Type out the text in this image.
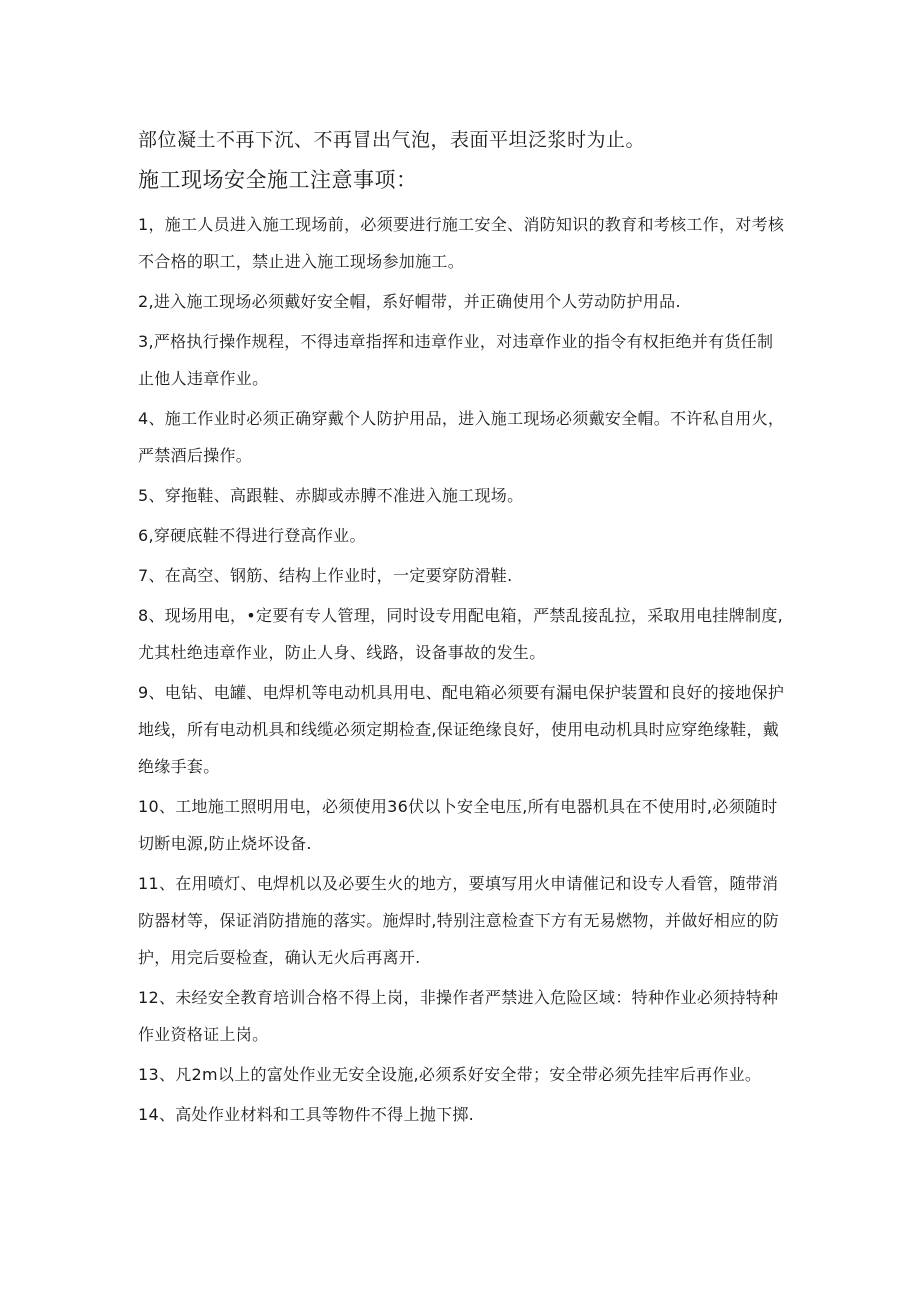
部位凝土不再下沉、不再冒出气泡，表面平坦泛浆时为止。

施工现场安全施工注意事项：

1，施工人员进入施工现场前，必须要进行施工安全、消防知识的教育和考核工作，对考核不合格的职工，禁止进入施工现场参加施工。

2,进入施工现场必须戴好安全帽，系好帽带，并正确使用个人劳动防护用品.

3,严格执行操作规程，不得违章指挥和违章作业，对违章作业的指令有权拒绝并有货任制止他人违章作业。

4、施工作业时必须正确穿戴个人防护用品，进入施工现场必须戴安全帽。不许私自用火，严禁酒后操作。

5、穿拖鞋、高跟鞋、赤脚或赤膊不准进入施工现场。

6,穿硬底鞋不得进行登高作业。

7、在高空、钢筋、结构上作业时，一定要穿防滑鞋.

8、现场用电，•定要有专人管理，同时设专用配电箱，严禁乱接乱拉，采取用电挂牌制度,尤其杜绝违章作业，防止人身、线路，设备事故的发生。

9、电钻、电罐、电焊机等电动机具用电、配电箱必须要有漏电保护装置和良好的接地保护地线，所有电动机具和线缆必须定期检查,保证绝缘良好，使用电动机具时应穿绝缘鞋，戴绝缘手套。

10、工地施工照明用电，必须使用36伏以卜安全电压,所有电器机具在不使用时,必须随时切断电源,防止烧坏设备.

11、在用喷灯、电焊机以及必要生火的地方，要填写用火申请催记和设专人看管，随带消防器材等，保证消防措施的落实。施焊时,特别注意检查下方有无易燃物，并做好相应的防护，用完后耍检查，确认无火后再离开.

12、未经安全教育培训合格不得上岗，非操作者严禁进入危险区域：特种作业必须持特种作业资格证上岗。

13、凡2m以上的富处作业无安全设施,必须系好安全带；安全带必须先挂牢后再作业。

14、高处作业材料和工具等物件不得上抛下掷.
